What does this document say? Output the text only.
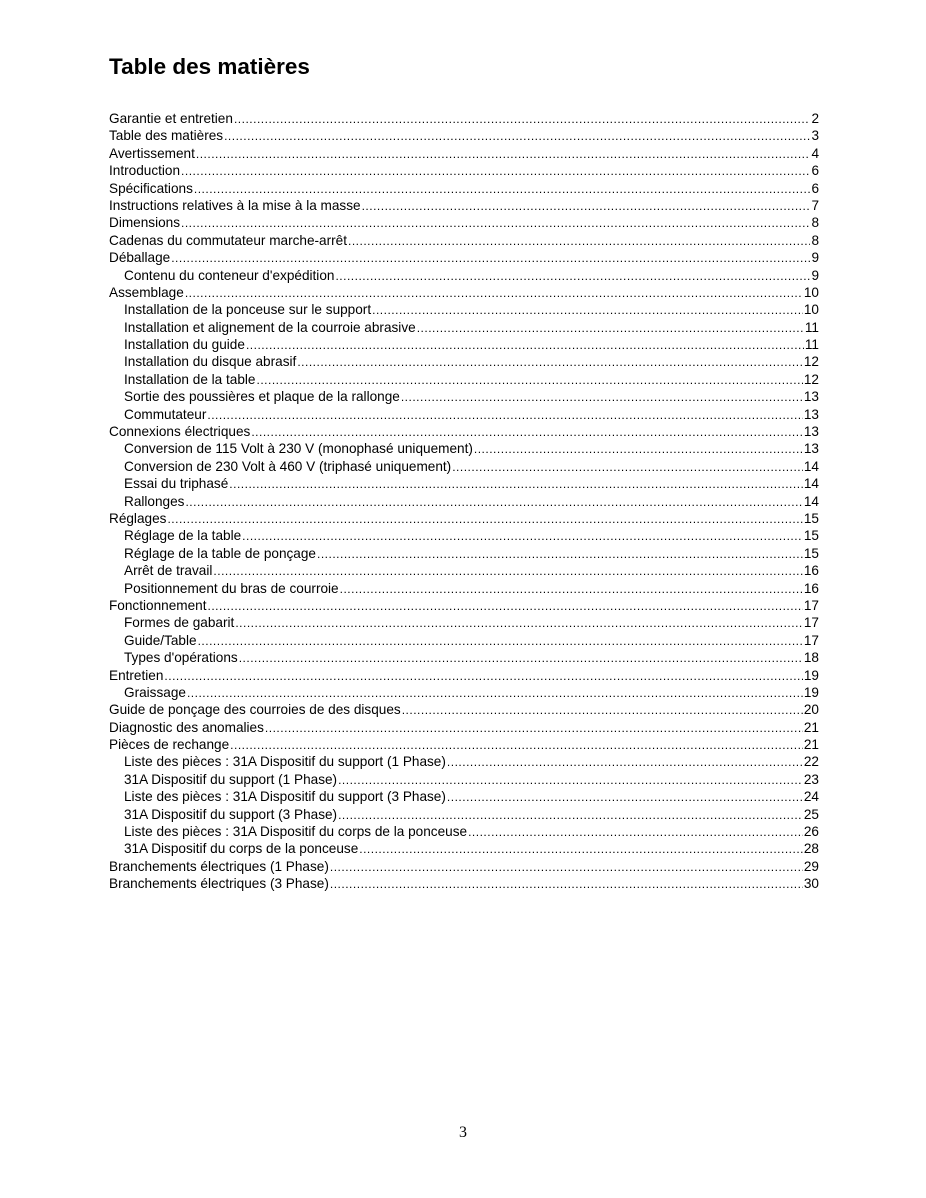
Table des matières
Garantie et entretien .....	2
Table des matières .....	3
Avertissement .....	4
Introduction .....	6
Spécifications .....	6
Instructions relatives à la mise à la masse .....	7
Dimensions .....	8
Cadenas du commutateur marche-arrêt .....	8
Déballage .....	9
Contenu du conteneur d'expédition .....	9
Assemblage .....	10
Installation de la ponceuse sur le support .....	10
Installation et alignement de la courroie abrasive .....	11
Installation du guide .....	11
Installation du disque abrasif .....	12
Installation de la table .....	12
Sortie des poussières et plaque de la rallonge .....	13
Commutateur .....	13
Connexions électriques .....	13
Conversion de 115 Volt à 230 V (monophasé uniquement) .....	13
Conversion de 230 Volt à 460 V (triphasé uniquement) .....	14
Essai du triphasé .....	14
Rallonges .....	14
Réglages .....	15
Réglage de la table .....	15
Réglage de la table de ponçage .....	15
Arrêt de travail .....	16
Positionnement du bras de courroie .....	16
Fonctionnement .....	17
Formes de gabarit .....	17
Guide/Table .....	17
Types d'opérations .....	18
Entretien .....	19
Graissage .....	19
Guide de ponçage des courroies de des disques .....	20
Diagnostic des anomalies .....	21
Pièces de rechange .....	21
Liste des pièces : 31A Dispositif du support (1 Phase) .....	22
31A Dispositif du support (1 Phase) .....	23
Liste des pièces : 31A Dispositif du support (3 Phase) .....	24
31A Dispositif du support (3 Phase) .....	25
Liste des pièces : 31A Dispositif du corps de la ponceuse .....	26
31A Dispositif du corps de la ponceuse .....	28
Branchements électriques (1 Phase) .....	29
Branchements électriques (3 Phase) .....	30
3
